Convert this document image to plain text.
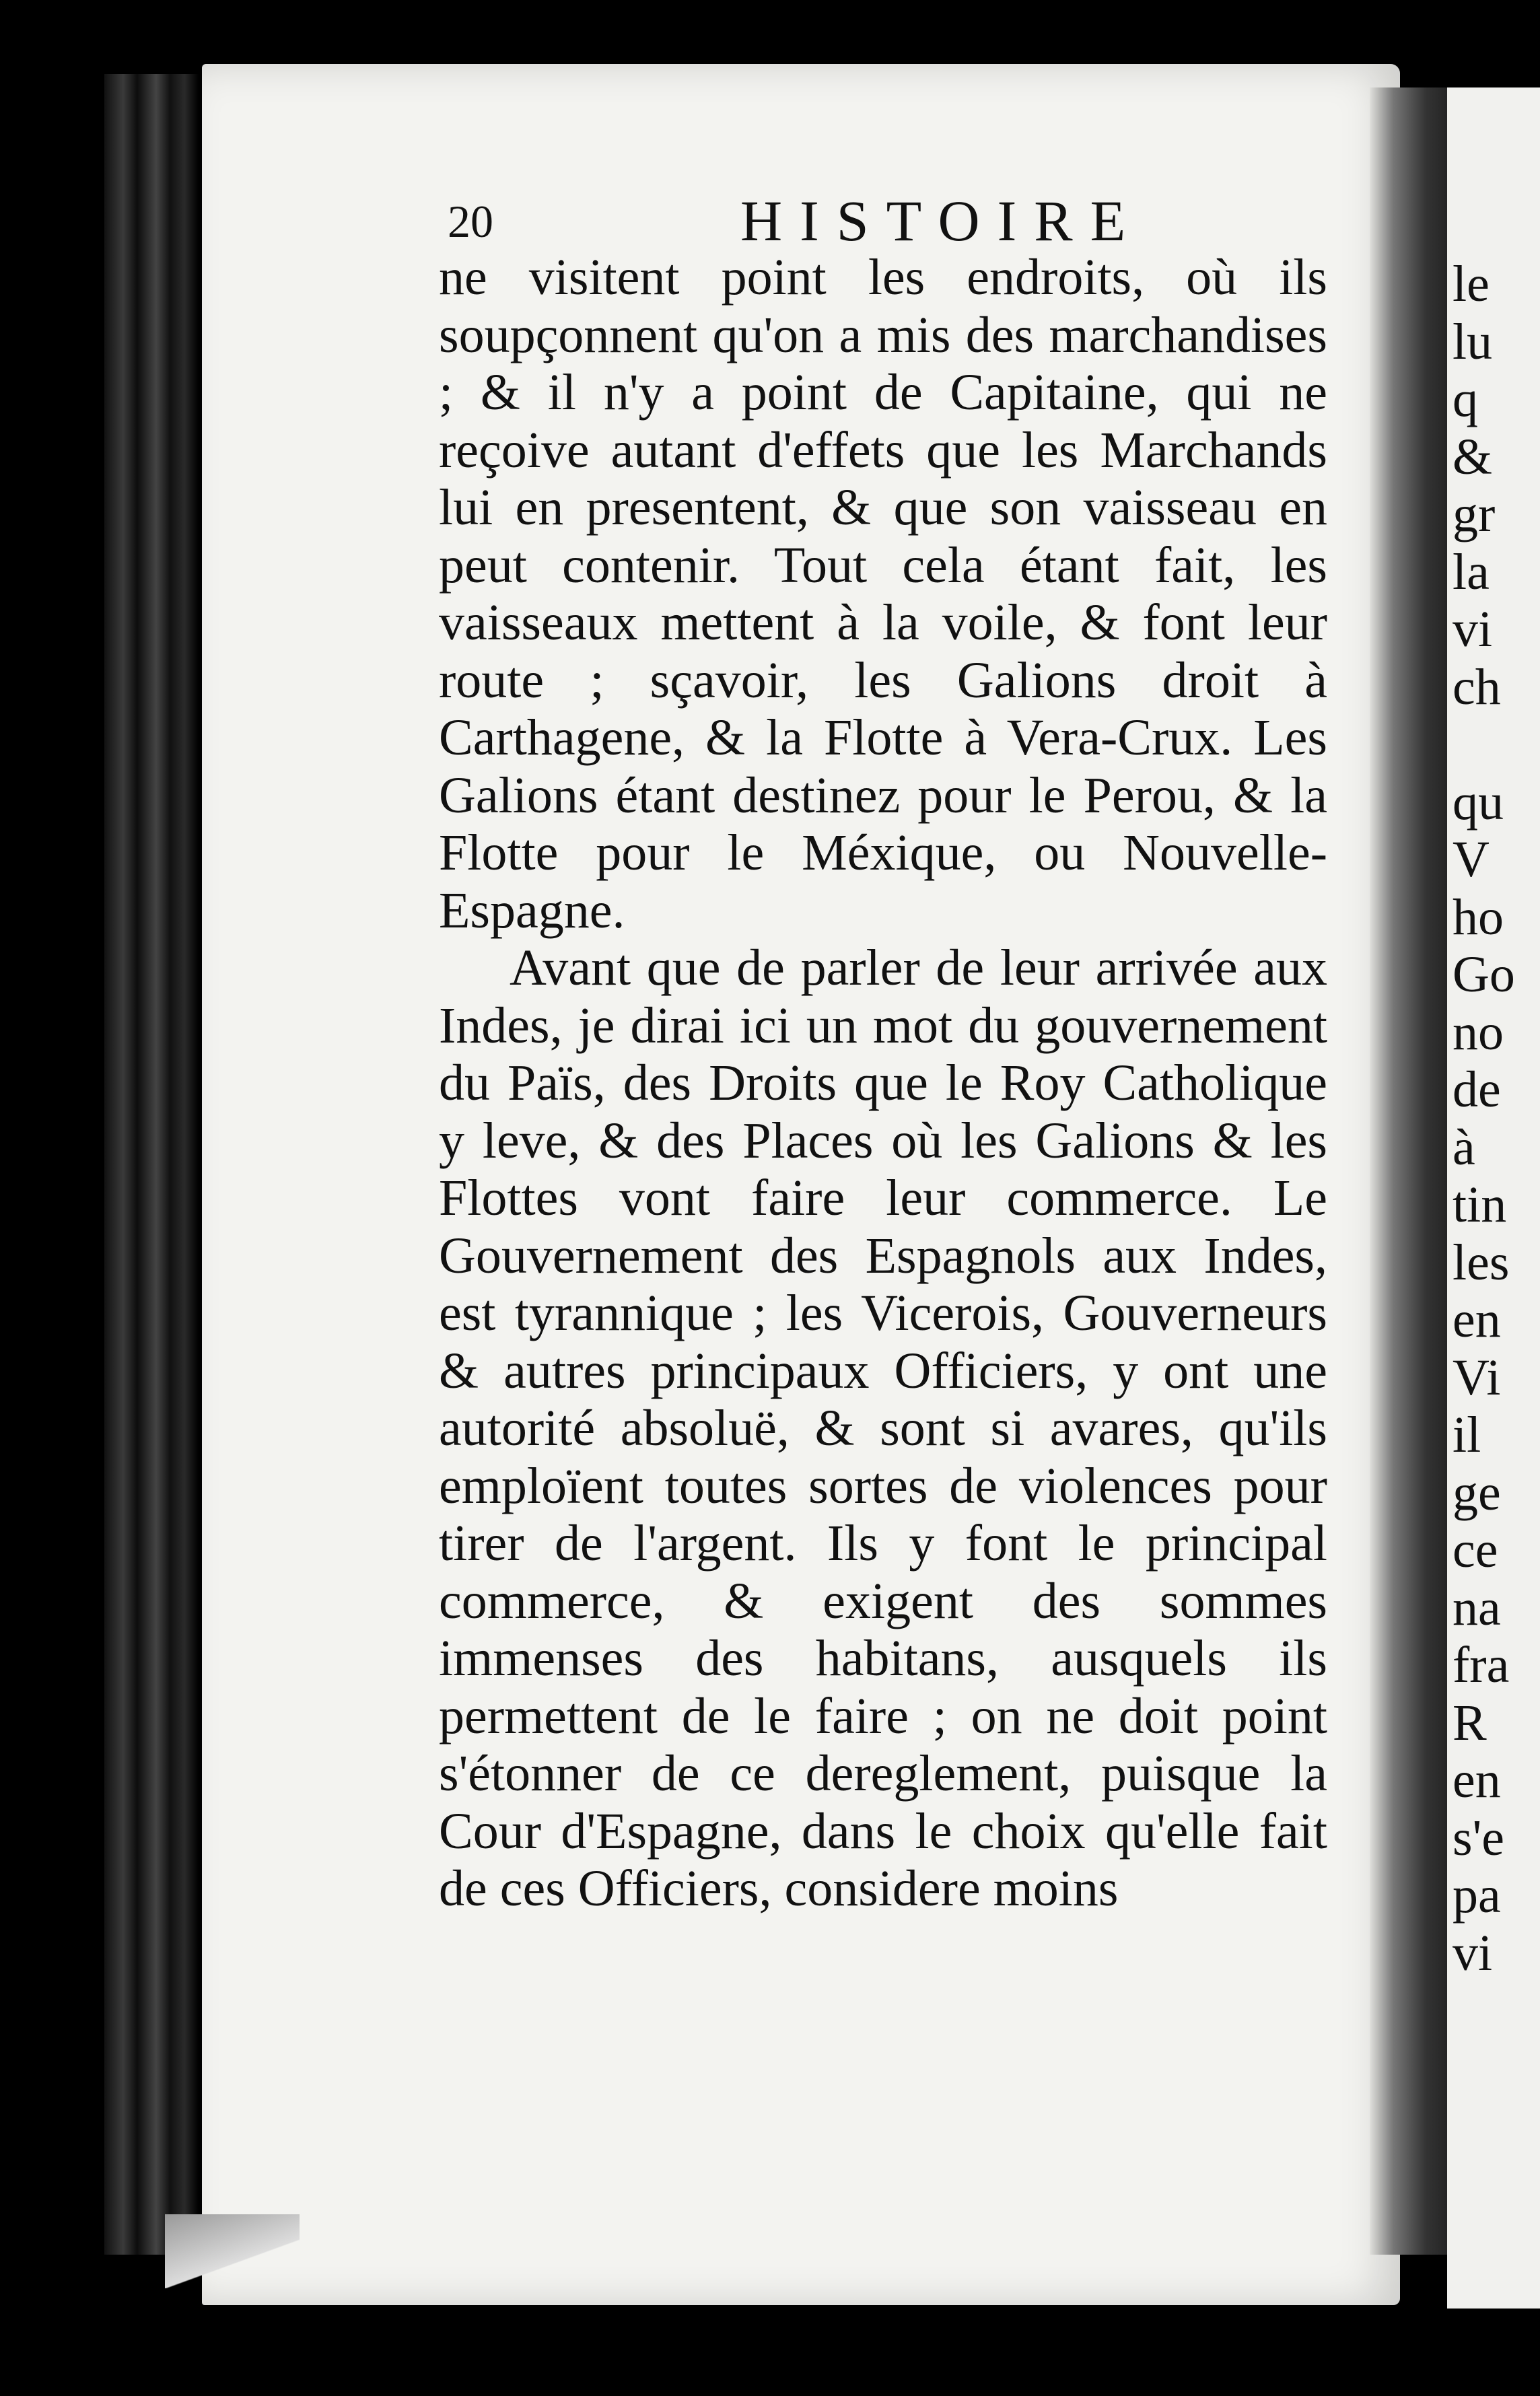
le
lu
q
&
gr
la
vi
ch

qu
V
ho
Go
no
de
à
tin
les
en
Vi
il
ge
ce
na
fra
R
en
s'e
pa
vi
20	HISTOIRE

ne visitent point les endroits, où ils soupçonnent qu'on a mis des marchandises ; & il n'y a point de Capitaine, qui ne reçoive autant d'effets que les Marchands lui en presentent, & que son vaisseau en peut contenir. Tout cela étant fait, les vaisseaux mettent à la voile, & font leur route ; sçavoir, les Galions droit à Carthagene, & la Flotte à Vera-Crux. Les Galions étant destinez pour le Perou, & la Flotte pour le Méxique, ou Nouvelle-Espagne.

Avant que de parler de leur arrivée aux Indes, je dirai ici un mot du gouvernement du Païs, des Droits que le Roy Catholique y leve, & des Places où les Galions & les Flottes vont faire leur commerce. Le Gouvernement des Espagnols aux Indes, est tyrannique ; les Vicerois, Gouverneurs & autres principaux Officiers, y ont une autorité absoluë, & sont si avares, qu'ils emploïent toutes sortes de violences pour tirer de l'argent. Ils y font le principal commerce, & exigent des sommes immenses des habitans, ausquels ils permettent de le faire ; on ne doit point s'étonner de ce dereglement, puisque la Cour d'Espagne, dans le choix qu'elle fait de ces Officiers, considere moins
